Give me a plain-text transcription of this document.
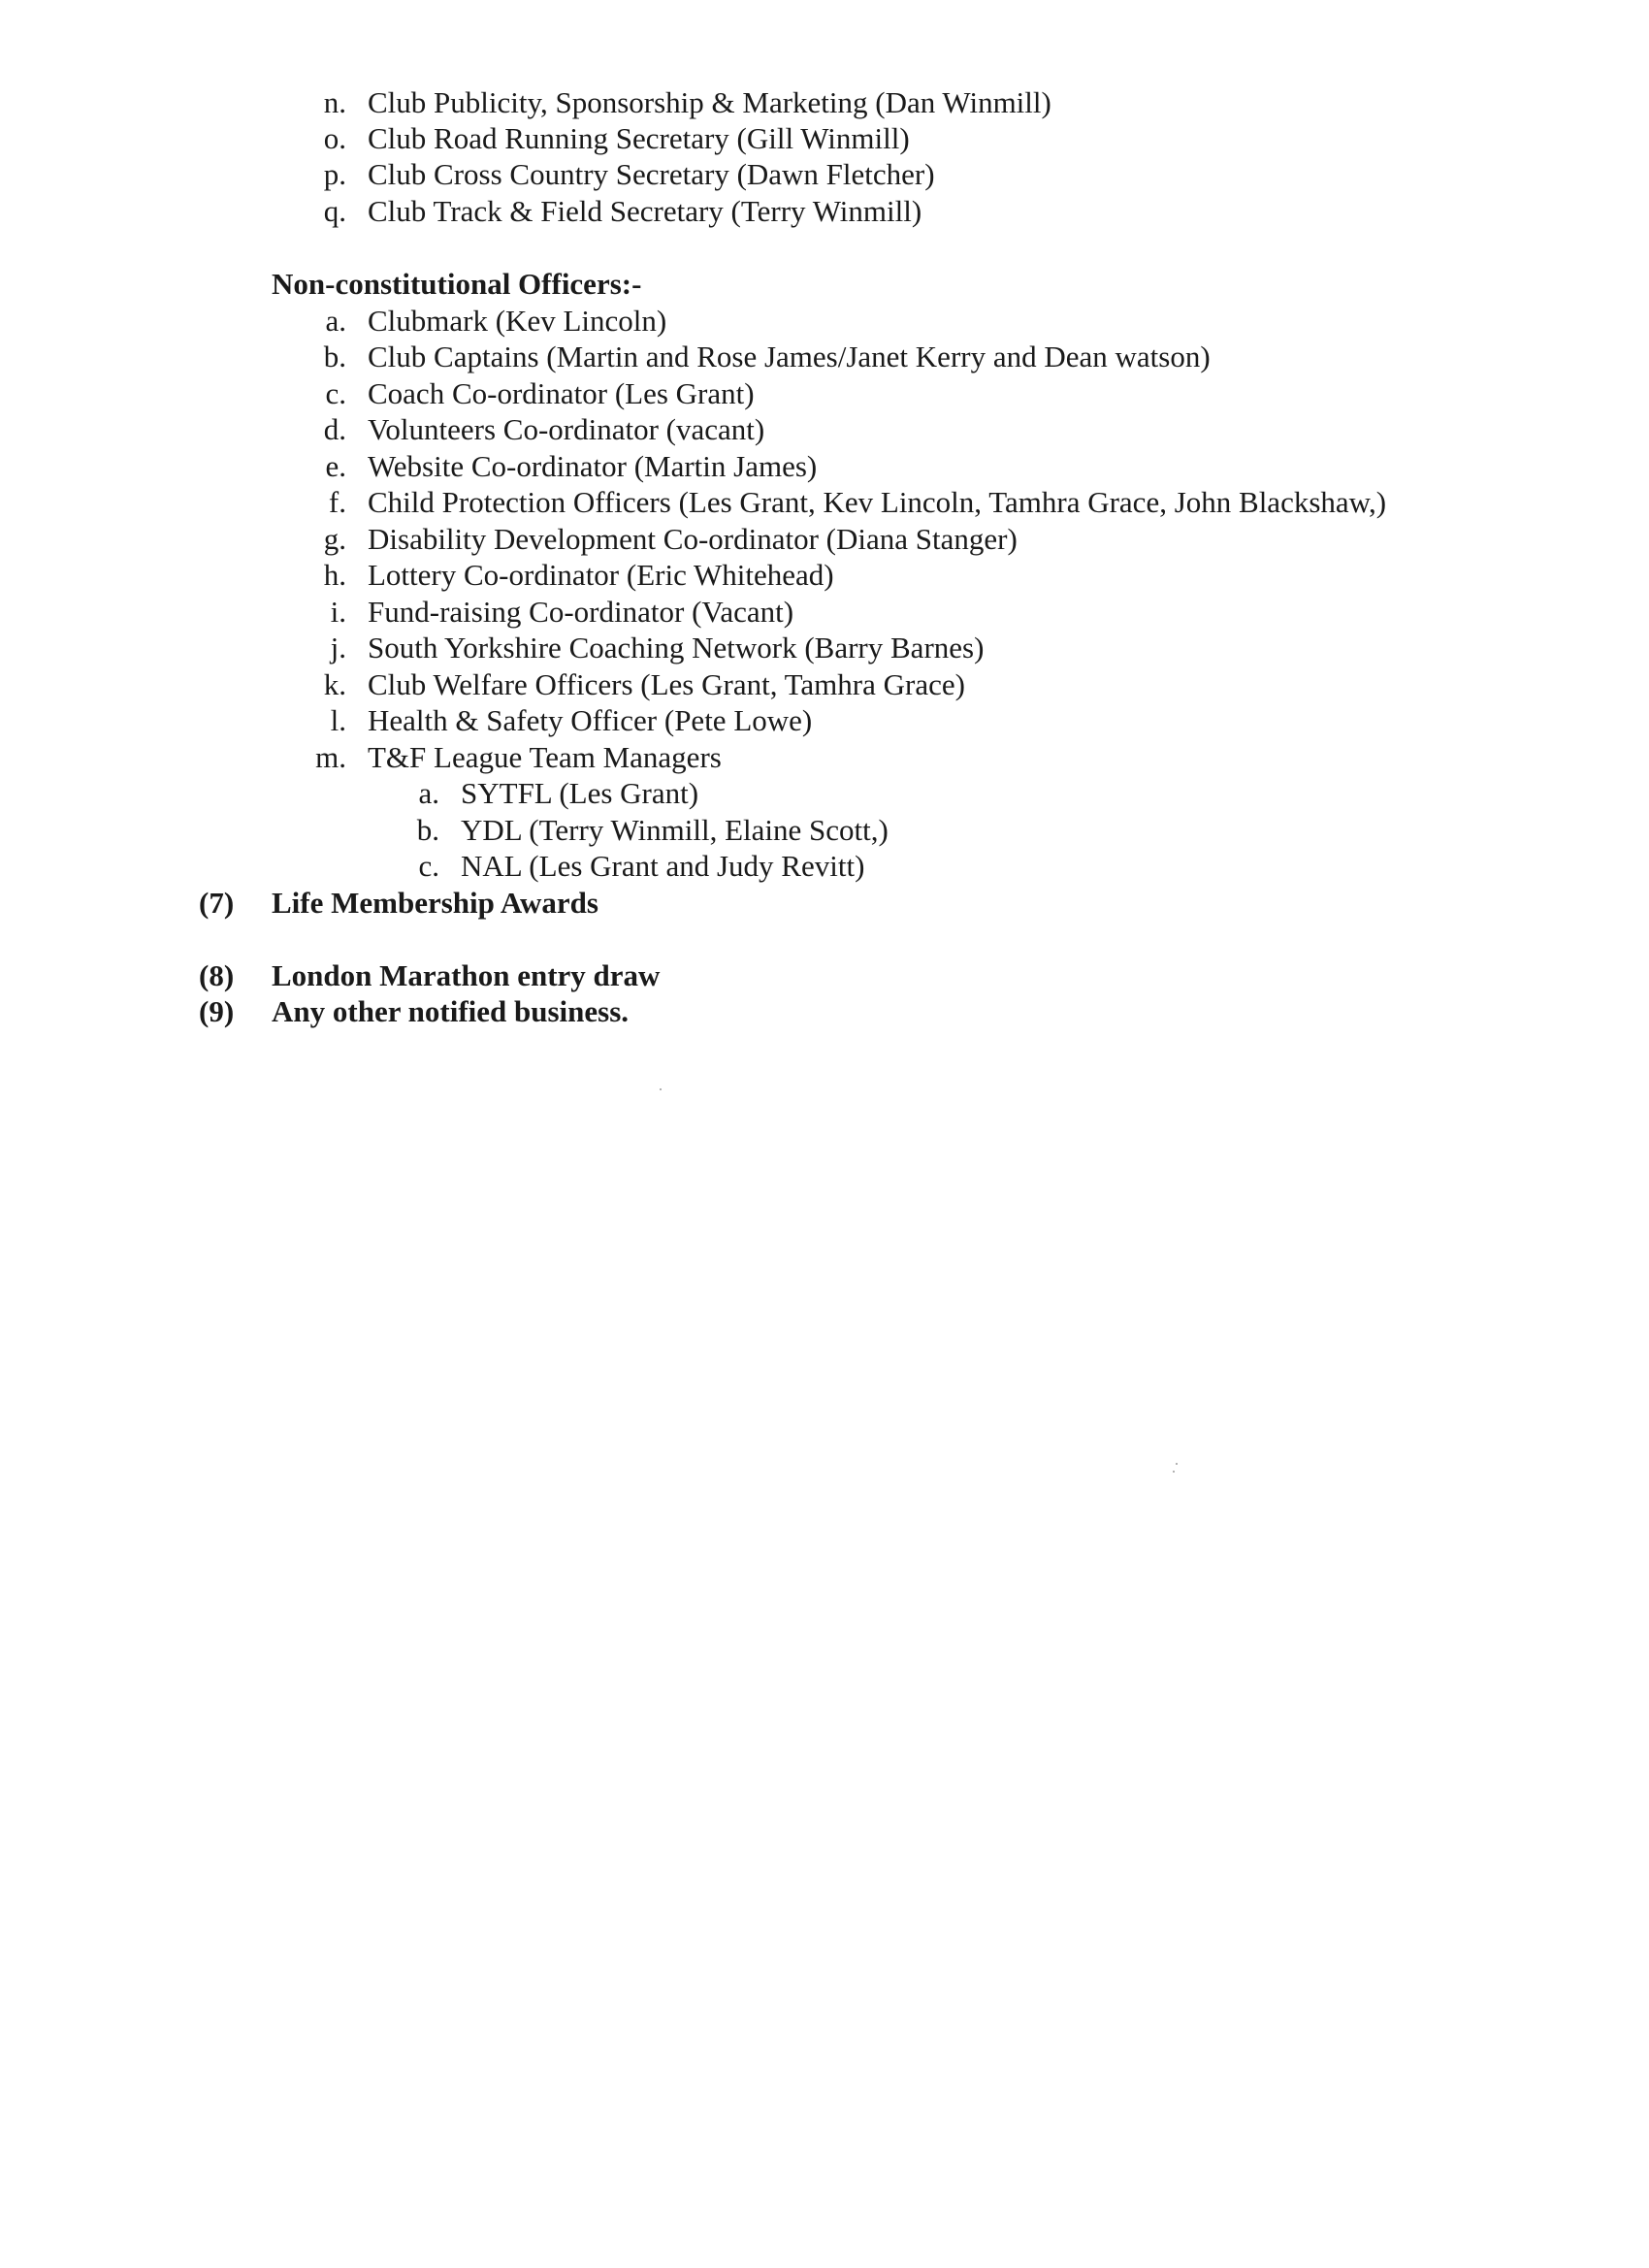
n. Club Publicity, Sponsorship & Marketing (Dan Winmill)
o. Club Road Running Secretary (Gill Winmill)
p. Club Cross Country Secretary (Dawn Fletcher)
q. Club Track & Field Secretary (Terry Winmill)
Non-constitutional Officers:-
a. Clubmark (Kev Lincoln)
b. Club Captains (Martin and Rose James/Janet Kerry and Dean watson)
c. Coach Co-ordinator (Les Grant)
d. Volunteers Co-ordinator (vacant)
e. Website Co-ordinator (Martin James)
f. Child Protection Officers (Les Grant, Kev Lincoln, Tamhra Grace, John Blackshaw,)
g. Disability Development Co-ordinator (Diana Stanger)
h. Lottery Co-ordinator (Eric Whitehead)
i. Fund-raising Co-ordinator (Vacant)
j. South Yorkshire Coaching Network (Barry Barnes)
k. Club Welfare Officers (Les Grant, Tamhra Grace)
l. Health & Safety Officer (Pete Lowe)
m. T&F League Team Managers
a. SYTFL (Les Grant)
b. YDL (Terry Winmill, Elaine Scott,)
c. NAL (Les Grant and Judy Revitt)
(7) Life Membership Awards
(8) London Marathon entry draw
(9) Any other notified business.
